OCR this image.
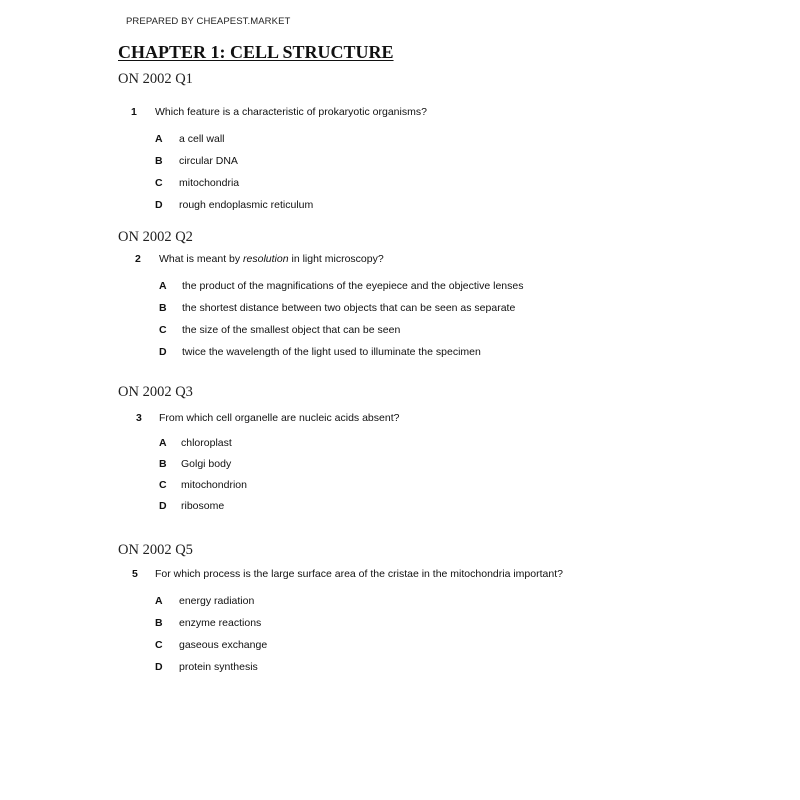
PREPARED BY CHEAPEST.MARKET
CHAPTER 1: CELL STRUCTURE
ON 2002 Q1
1 Which feature is a characteristic of prokaryotic organisms?
A a cell wall
B circular DNA
C mitochondria
D rough endoplasmic reticulum
ON 2002 Q2
2 What is meant by resolution in light microscopy?
A the product of the magnifications of the eyepiece and the objective lenses
B the shortest distance between two objects that can be seen as separate
C the size of the smallest object that can be seen
D twice the wavelength of the light used to illuminate the specimen
ON 2002 Q3
3 From which cell organelle are nucleic acids absent?
A chloroplast
B Golgi body
C mitochondrion
D ribosome
ON 2002 Q5
5 For which process is the large surface area of the cristae in the mitochondria important?
A energy radiation
B enzyme reactions
C gaseous exchange
D protein synthesis
